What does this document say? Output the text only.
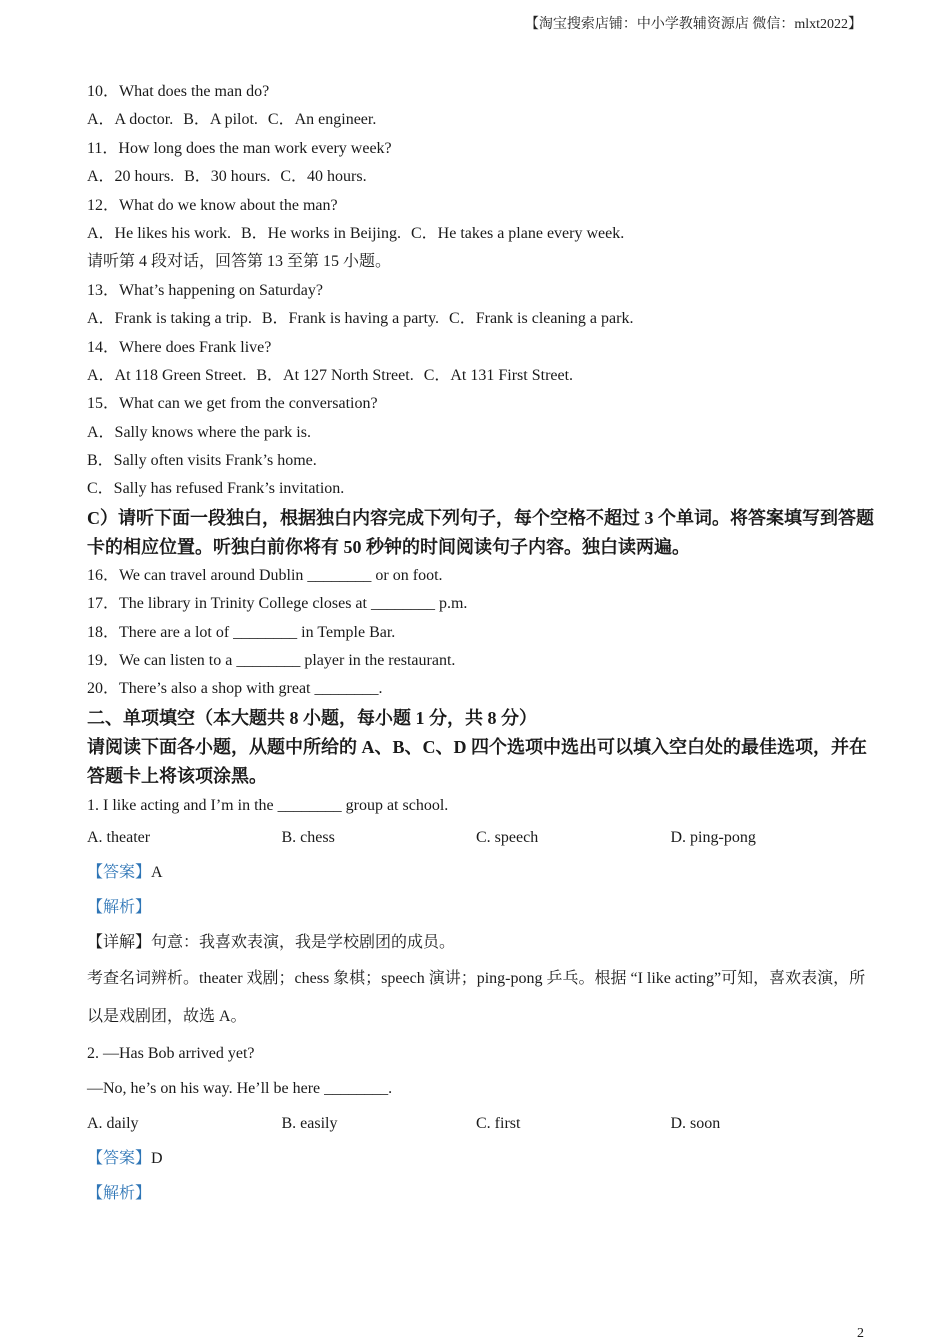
【淘宝搜索店铺：中小学教辅资源店 微信：mlxt2022】
10．What does the man do?
A．A doctor. B．A pilot. C．An engineer.
11．How long does the man work every week?
A．20 hours. B．30 hours. C．40 hours.
12．What do we know about the man?
A．He likes his work. B．He works in Beijing. C．He takes a plane every week.
请听第 4 段对话，回答第 13 至第 15 小题。
13．What’s happening on Saturday?
A．Frank is taking a trip. B．Frank is having a party. C．Frank is cleaning a park.
14．Where does Frank live?
A．At 118 Green Street. B．At 127 North Street. C．At 131 First Street.
15．What can we get from the conversation?
A．Sally knows where the park is.
B．Sally often visits Frank’s home.
C．Sally has refused Frank’s invitation.
C）请听下面一段独白，根据独白内容完成下列句子，每个空格不超过 3 个单词。将答案填写到答题卡的相应位置。听独白前你将有 50 秒钟的时间阅读句子内容。独白读两遍。
16．We can travel around Dublin ________ or on foot.
17．The library in Trinity College closes at ________ p.m.
18．There are a lot of ________ in Temple Bar.
19．We can listen to a ________ player in the restaurant.
20．There’s also a shop with great ________.
二、单项填空（本大题共 8 小题，每小题 1 分，共 8 分）
请阅读下面各小题，从题中所给的 A、B、C、D 四个选项中选出可以填入空白处的最佳选项，并在答题卡上将该项涂黑。
1. I like acting and I’m in the ________ group at school.
A. theater	B. chess	C. speech	D. ping-pong
【答案】A
【解析】
【详解】句意：我喜欢表演，我是学校剧团的成员。
考查名词辨析。theater 戏剧；chess 象棋；speech 演讲；ping-pong 乒乓。根据 “I like acting”可知，喜欢表演，所以是戏剧团，故选 A。
2. —Has Bob arrived yet?
—No, he’s on his way. He’ll be here ________.
A. daily	B. easily	C. first	D. soon
【答案】D
【解析】
2
